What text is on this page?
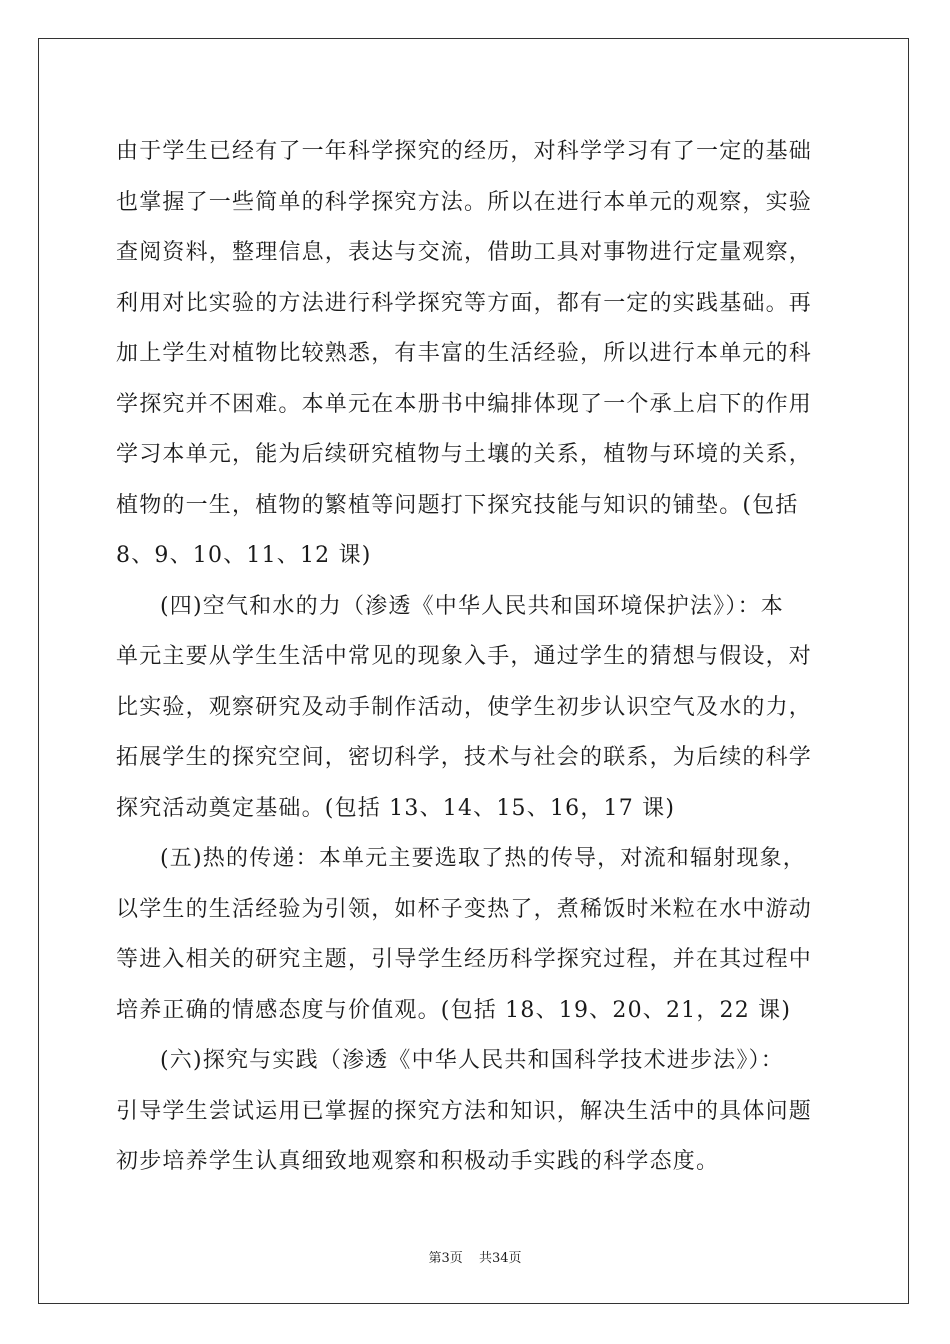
由于学生已经有了一年科学探究的经历，对科学学习有了一定的基础
也掌握了一些简单的科学探究方法。所以在进行本单元的观察，实验
查阅资料，整理信息，表达与交流，借助工具对事物进行定量观察，
利用对比实验的方法进行科学探究等方面，都有一定的实践基础。再
加上学生对植物比较熟悉，有丰富的生活经验，所以进行本单元的科
学探究并不困难。本单元在本册书中编排体现了一个承上启下的作用
学习本单元，能为后续研究植物与土壤的关系，植物与环境的关系，
植物的一生，植物的繁植等问题打下探究技能与知识的铺垫。(包括
8、9、10、11、12 课)
(四)空气和水的力（渗透《中华人民共和国环境保护法》）：本
单元主要从学生生活中常见的现象入手，通过学生的猜想与假设，对
比实验，观察研究及动手制作活动，使学生初步认识空气及水的力，
拓展学生的探究空间，密切科学，技术与社会的联系，为后续的科学
探究活动奠定基础。(包括 13、14、15、16，17 课)
(五)热的传递：本单元主要选取了热的传导，对流和辐射现象，
以学生的生活经验为引领，如杯子变热了，煮稀饭时米粒在水中游动
等进入相关的研究主题，引导学生经历科学探究过程，并在其过程中
培养正确的情感态度与价值观。(包括 18、19、20、21，22 课)
(六)探究与实践（渗透《中华人民共和国科学技术进步法》）：
引导学生尝试运用已掌握的探究方法和知识，解决生活中的具体问题
初步培养学生认真细致地观察和积极动手实践的科学态度。
第3页 共34页
